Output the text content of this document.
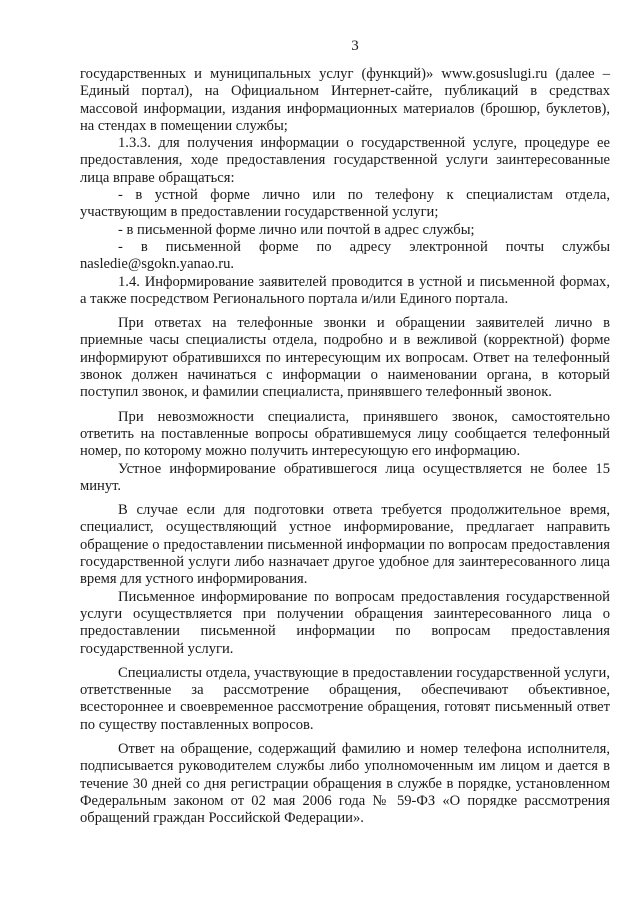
3

государственных и муниципальных услуг (функций)» www.gosuslugi.ru (далее – Единый портал), на Официальном Интернет-сайте, публикаций в средствах массовой информации, издания информационных материалов (брошюр, буклетов), на стендах в помещении службы;

1.3.3. для получения информации о государственной услуге, процедуре ее предоставления, ходе предоставления государственной услуги заинтересованные лица вправе обращаться:

- в устной форме лично или по телефону к специалистам отдела, участвующим в предоставлении государственной услуги;

- в письменной форме лично или почтой в адрес службы;

- в письменной форме по адресу электронной почты службы nasledie@sgokn.yanao.ru.

1.4. Информирование заявителей проводится в устной и письменной формах, а также посредством Регионального портала и/или Единого портала.

При ответах на телефонные звонки и обращении заявителей лично в приемные часы специалисты отдела, подробно и в вежливой (корректной) форме информируют обратившихся по интересующим их вопросам. Ответ на телефонный звонок должен начинаться с информации о наименовании органа, в который поступил звонок, и фамилии специалиста, принявшего телефонный звонок.

При невозможности специалиста, принявшего звонок, самостоятельно ответить на поставленные вопросы обратившемуся лицу сообщается телефонный номер, по которому можно получить интересующую его информацию.

Устное информирование обратившегося лица осуществляется не более 15 минут.

В случае если для подготовки ответа требуется продолжительное время, специалист, осуществляющий устное информирование, предлагает направить обращение о предоставлении письменной информации по вопросам предоставления государственной услуги либо назначает другое удобное для заинтересованного лица время для устного информирования.

Письменное информирование по вопросам предоставления государственной услуги осуществляется при получении обращения заинтересованного лица о предоставлении письменной информации по вопросам предоставления государственной услуги.

Специалисты отдела, участвующие в предоставлении государственной услуги, ответственные за рассмотрение обращения, обеспечивают объективное, всестороннее и своевременное рассмотрение обращения, готовят письменный ответ по существу поставленных вопросов.

Ответ на обращение, содержащий фамилию и номер телефона исполнителя, подписывается руководителем службы либо уполномоченным им лицом и дается в течение 30 дней со дня регистрации обращения в службе в порядке, установленном Федеральным законом от 02 мая 2006 года № 59-ФЗ «О порядке рассмотрения обращений граждан Российской Федерации».
